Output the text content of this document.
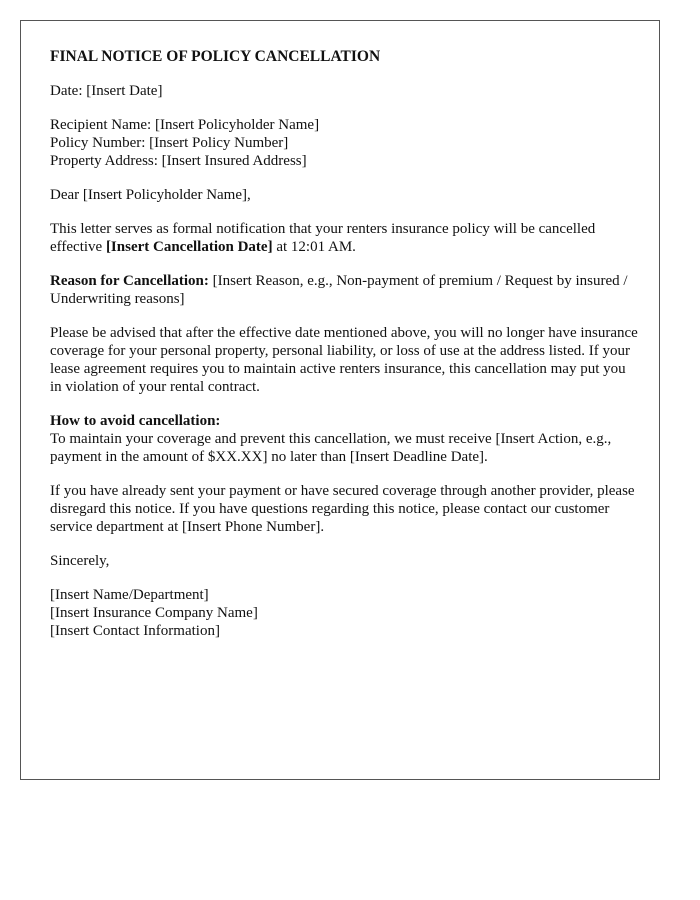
FINAL NOTICE OF POLICY CANCELLATION

Date: [Insert Date]

Recipient Name: [Insert Policyholder Name]
Policy Number: [Insert Policy Number]
Property Address: [Insert Insured Address]

Dear [Insert Policyholder Name],

This letter serves as formal notification that your renters insurance policy will be cancelled effective [Insert Cancellation Date] at 12:01 AM.

Reason for Cancellation: [Insert Reason, e.g., Non-payment of premium / Request by insured / Underwriting reasons]

Please be advised that after the effective date mentioned above, you will no longer have insurance coverage for your personal property, personal liability, or loss of use at the address listed. If your lease agreement requires you to maintain active renters insurance, this cancellation may put you in violation of your rental contract.

How to avoid cancellation:
To maintain your coverage and prevent this cancellation, we must receive [Insert Action, e.g., payment in the amount of $XX.XX] no later than [Insert Deadline Date].

If you have already sent your payment or have secured coverage through another provider, please disregard this notice. If you have questions regarding this notice, please contact our customer service department at [Insert Phone Number].

Sincerely,

[Insert Name/Department]
[Insert Insurance Company Name]
[Insert Contact Information]
